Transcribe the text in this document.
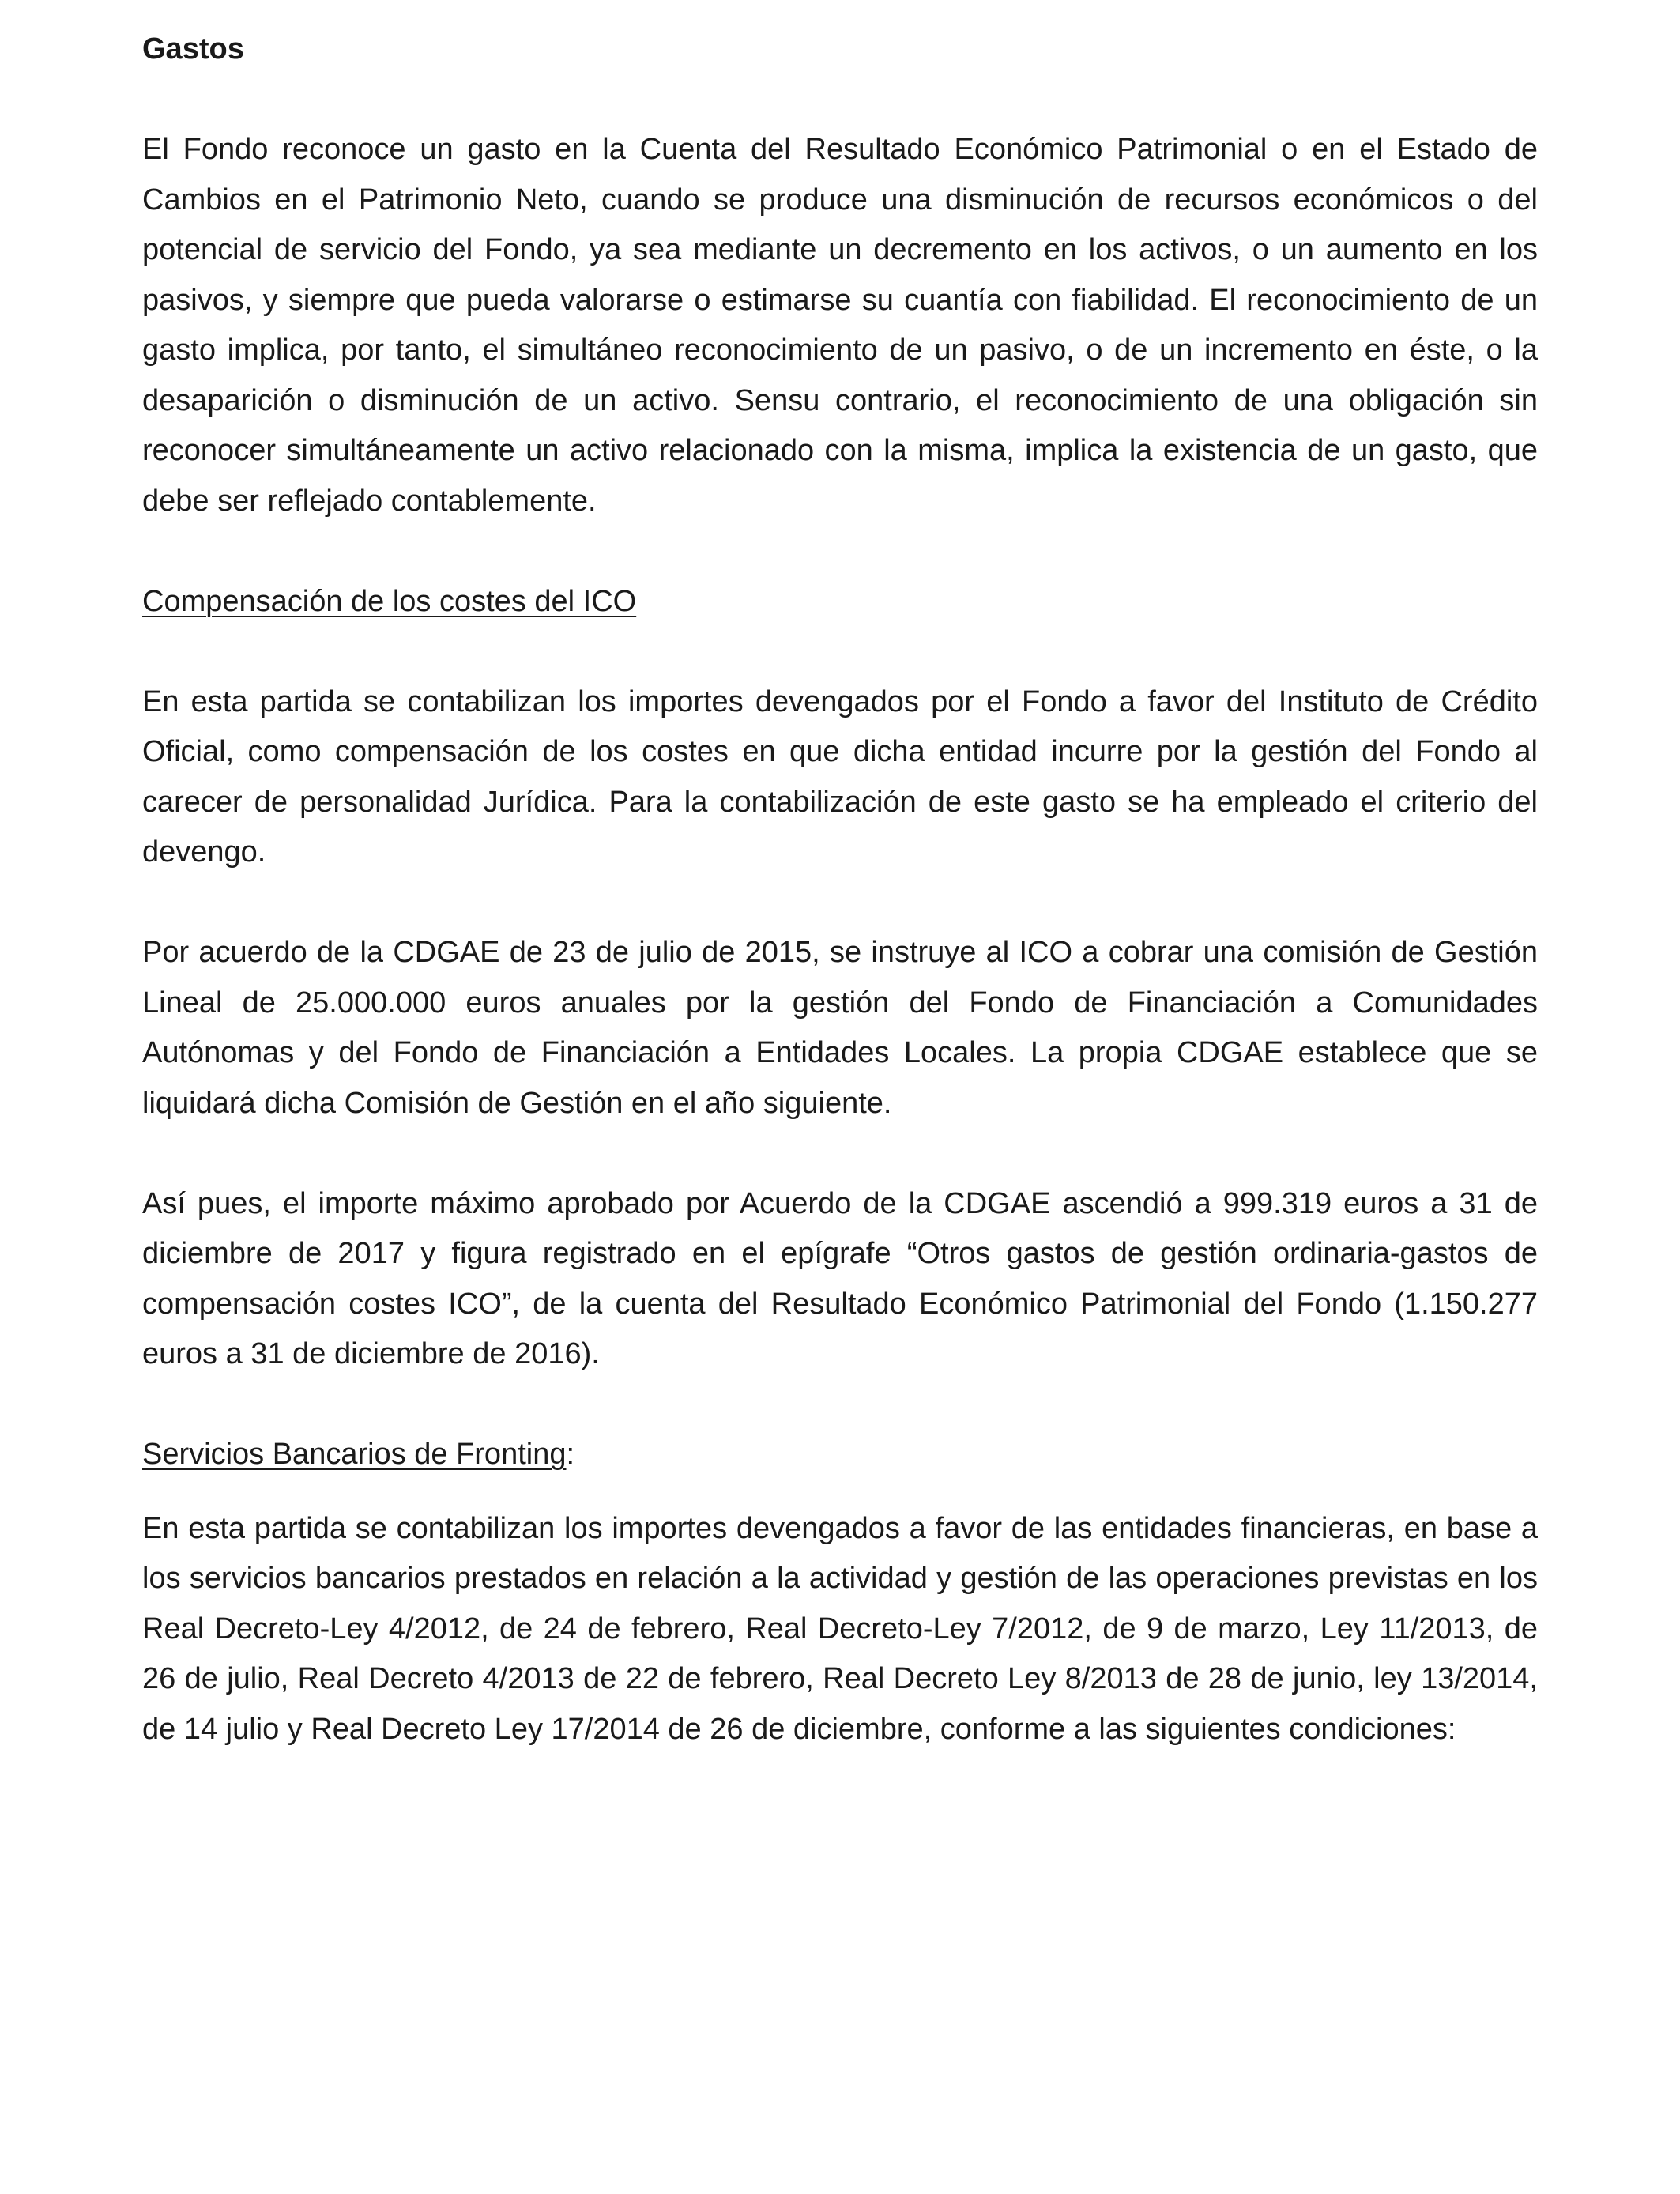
Gastos

El Fondo reconoce un gasto en la Cuenta del Resultado Económico Patrimonial o en el Estado de Cambios en el Patrimonio Neto, cuando se produce una disminución de recursos económicos o del potencial de servicio del Fondo, ya sea mediante un decremento en los activos, o un aumento en los pasivos, y siempre que pueda valorarse o estimarse su cuantía con fiabilidad. El reconocimiento de un gasto implica, por tanto, el simultáneo reconocimiento de un pasivo, o de un incremento en éste, o la desaparición o disminución de un activo. Sensu contrario, el reconocimiento de una obligación sin reconocer simultáneamente un activo relacionado con la misma, implica la existencia de un gasto, que debe ser reflejado contablemente.

Compensación de los costes del ICO

En esta partida se contabilizan los importes devengados por el Fondo a favor del Instituto de Crédito Oficial, como compensación de los costes en que dicha entidad incurre por la gestión del Fondo al carecer de personalidad Jurídica. Para la contabilización de este gasto se ha empleado el criterio del devengo.

Por acuerdo de la CDGAE de 23 de julio de 2015, se instruye al ICO a cobrar una comisión de Gestión Lineal de 25.000.000 euros anuales por la gestión del Fondo de Financiación a Comunidades Autónomas y del Fondo de Financiación a Entidades Locales. La propia CDGAE establece que se liquidará dicha Comisión de Gestión en el año siguiente.

Así pues, el importe máximo aprobado por Acuerdo de la CDGAE ascendió a 999.319 euros a 31 de diciembre de 2017 y figura registrado en el epígrafe “Otros gastos de gestión ordinaria-gastos de compensación costes ICO”, de la cuenta del Resultado Económico Patrimonial del Fondo (1.150.277 euros a 31 de diciembre de 2016).

Servicios Bancarios de Fronting:

En esta partida se contabilizan los importes devengados a favor de las entidades financieras, en base a los servicios bancarios prestados en relación a la actividad y gestión de las operaciones previstas en los Real Decreto-Ley 4/2012, de 24 de febrero, Real Decreto-Ley 7/2012, de 9 de marzo, Ley 11/2013, de 26 de julio, Real Decreto 4/2013 de 22 de febrero, Real Decreto Ley 8/2013 de 28 de junio, ley 13/2014, de 14 julio y Real Decreto Ley 17/2014 de 26 de diciembre, conforme a las siguientes condiciones:
